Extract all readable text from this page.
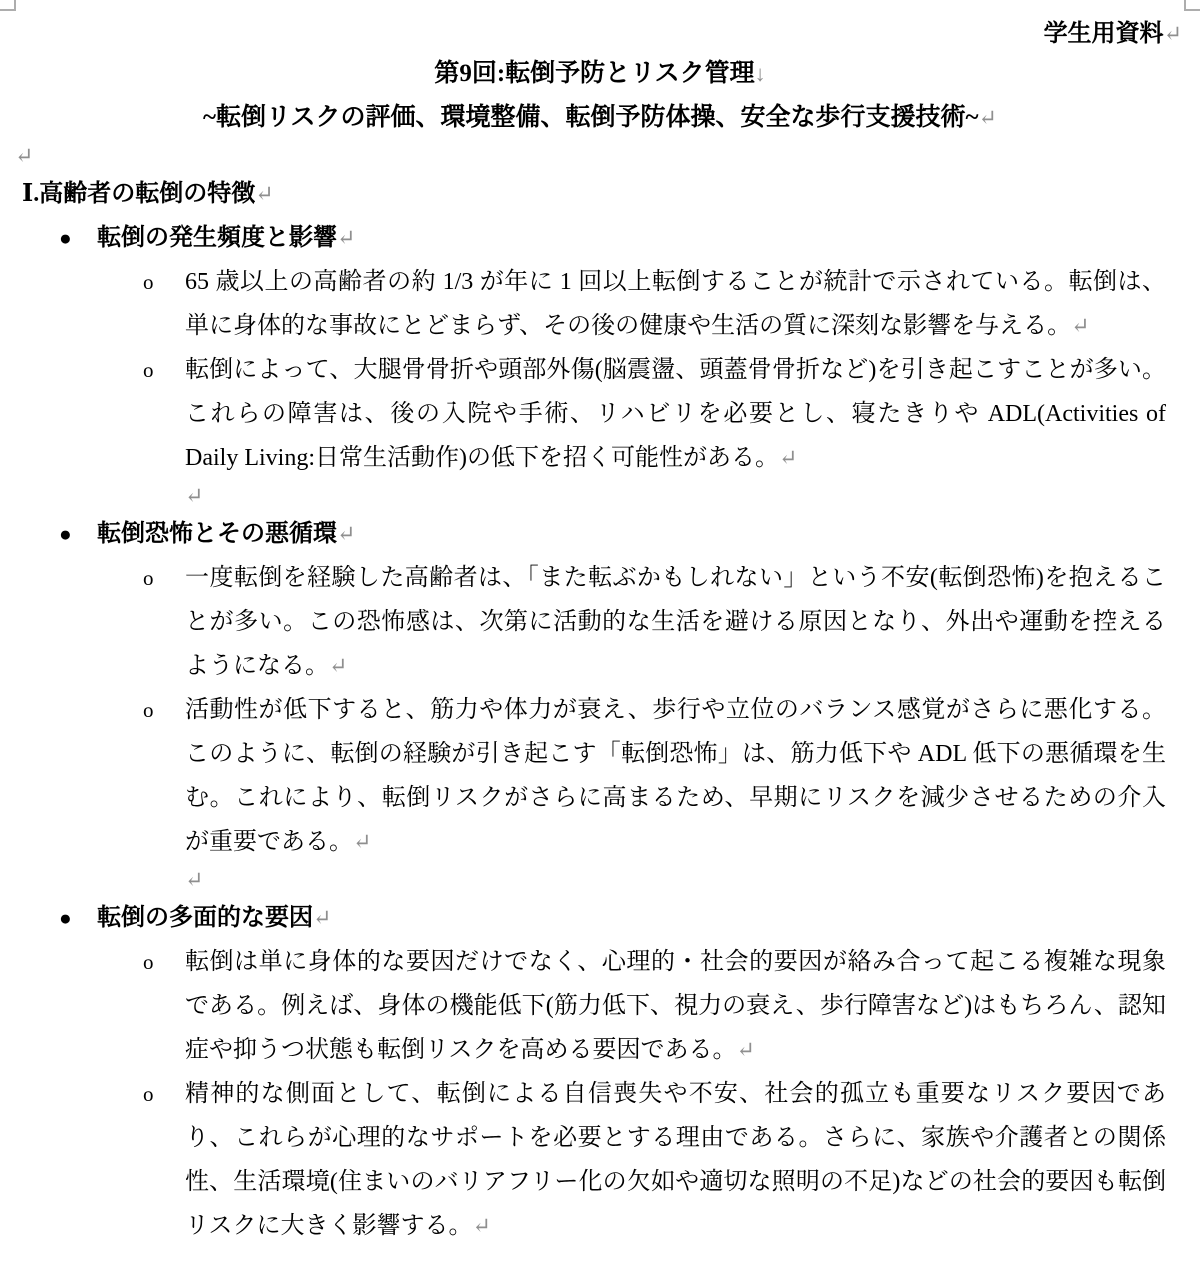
学生用資料↵
第9回:転倒予防とリスク管理↓
~転倒リスクの評価、環境整備、転倒予防体操、安全な歩行支援技術~↵
↵
Ⅰ.高齢者の転倒の特徴↵
●	転倒の発生頻度と影響 ↵
o	65 歳以上の高齢者の約 1/3 が年に 1 回以上転倒することが統計で示されている。転倒は、単に身体的な事故にとどまらず、その後の健康や生活の質に深刻な影響を与える。↵
o	転倒によって、大腿骨骨折や頭部外傷(脳震盪、頭蓋骨骨折など)を引き起こすことが多い。これらの障害は、後の入院や手術、リハビリを必要とし、寝たきりや ADL(Activities of Daily Living:日常生活動作)の低下を招く可能性がある。↵
↵
●	転倒恐怖とその悪循環 ↵
o	一度転倒を経験した高齢者は、「また転ぶかもしれない」という不安(転倒恐怖)を抱えることが多い。この恐怖感は、次第に活動的な生活を避ける原因となり、外出や運動を控えるようになる。↵
o	活動性が低下すると、筋力や体力が衰え、歩行や立位のバランス感覚がさらに悪化する。このように、転倒の経験が引き起こす「転倒恐怖」は、筋力低下や ADL 低下の悪循環を生む。これにより、転倒リスクがさらに高まるため、早期にリスクを減少させるための介入が重要である。↵
↵
●	転倒の多面的な要因 ↵
o	転倒は単に身体的な要因だけでなく、心理的・社会的要因が絡み合って起こる複雑な現象である。例えば、身体の機能低下(筋力低下、視力の衰え、歩行障害など)はもちろん、認知症や抑うつ状態も転倒リスクを高める要因である。↵
o	精神的な側面として、転倒による自信喪失や不安、社会的孤立も重要なリスク要因であり、これらが心理的なサポートを必要とする理由である。さらに、家族や介護者との関係性、生活環境(住まいのバリアフリー化の欠如や適切な照明の不足)などの社会的要因も転倒リスクに大きく影響する。↵
